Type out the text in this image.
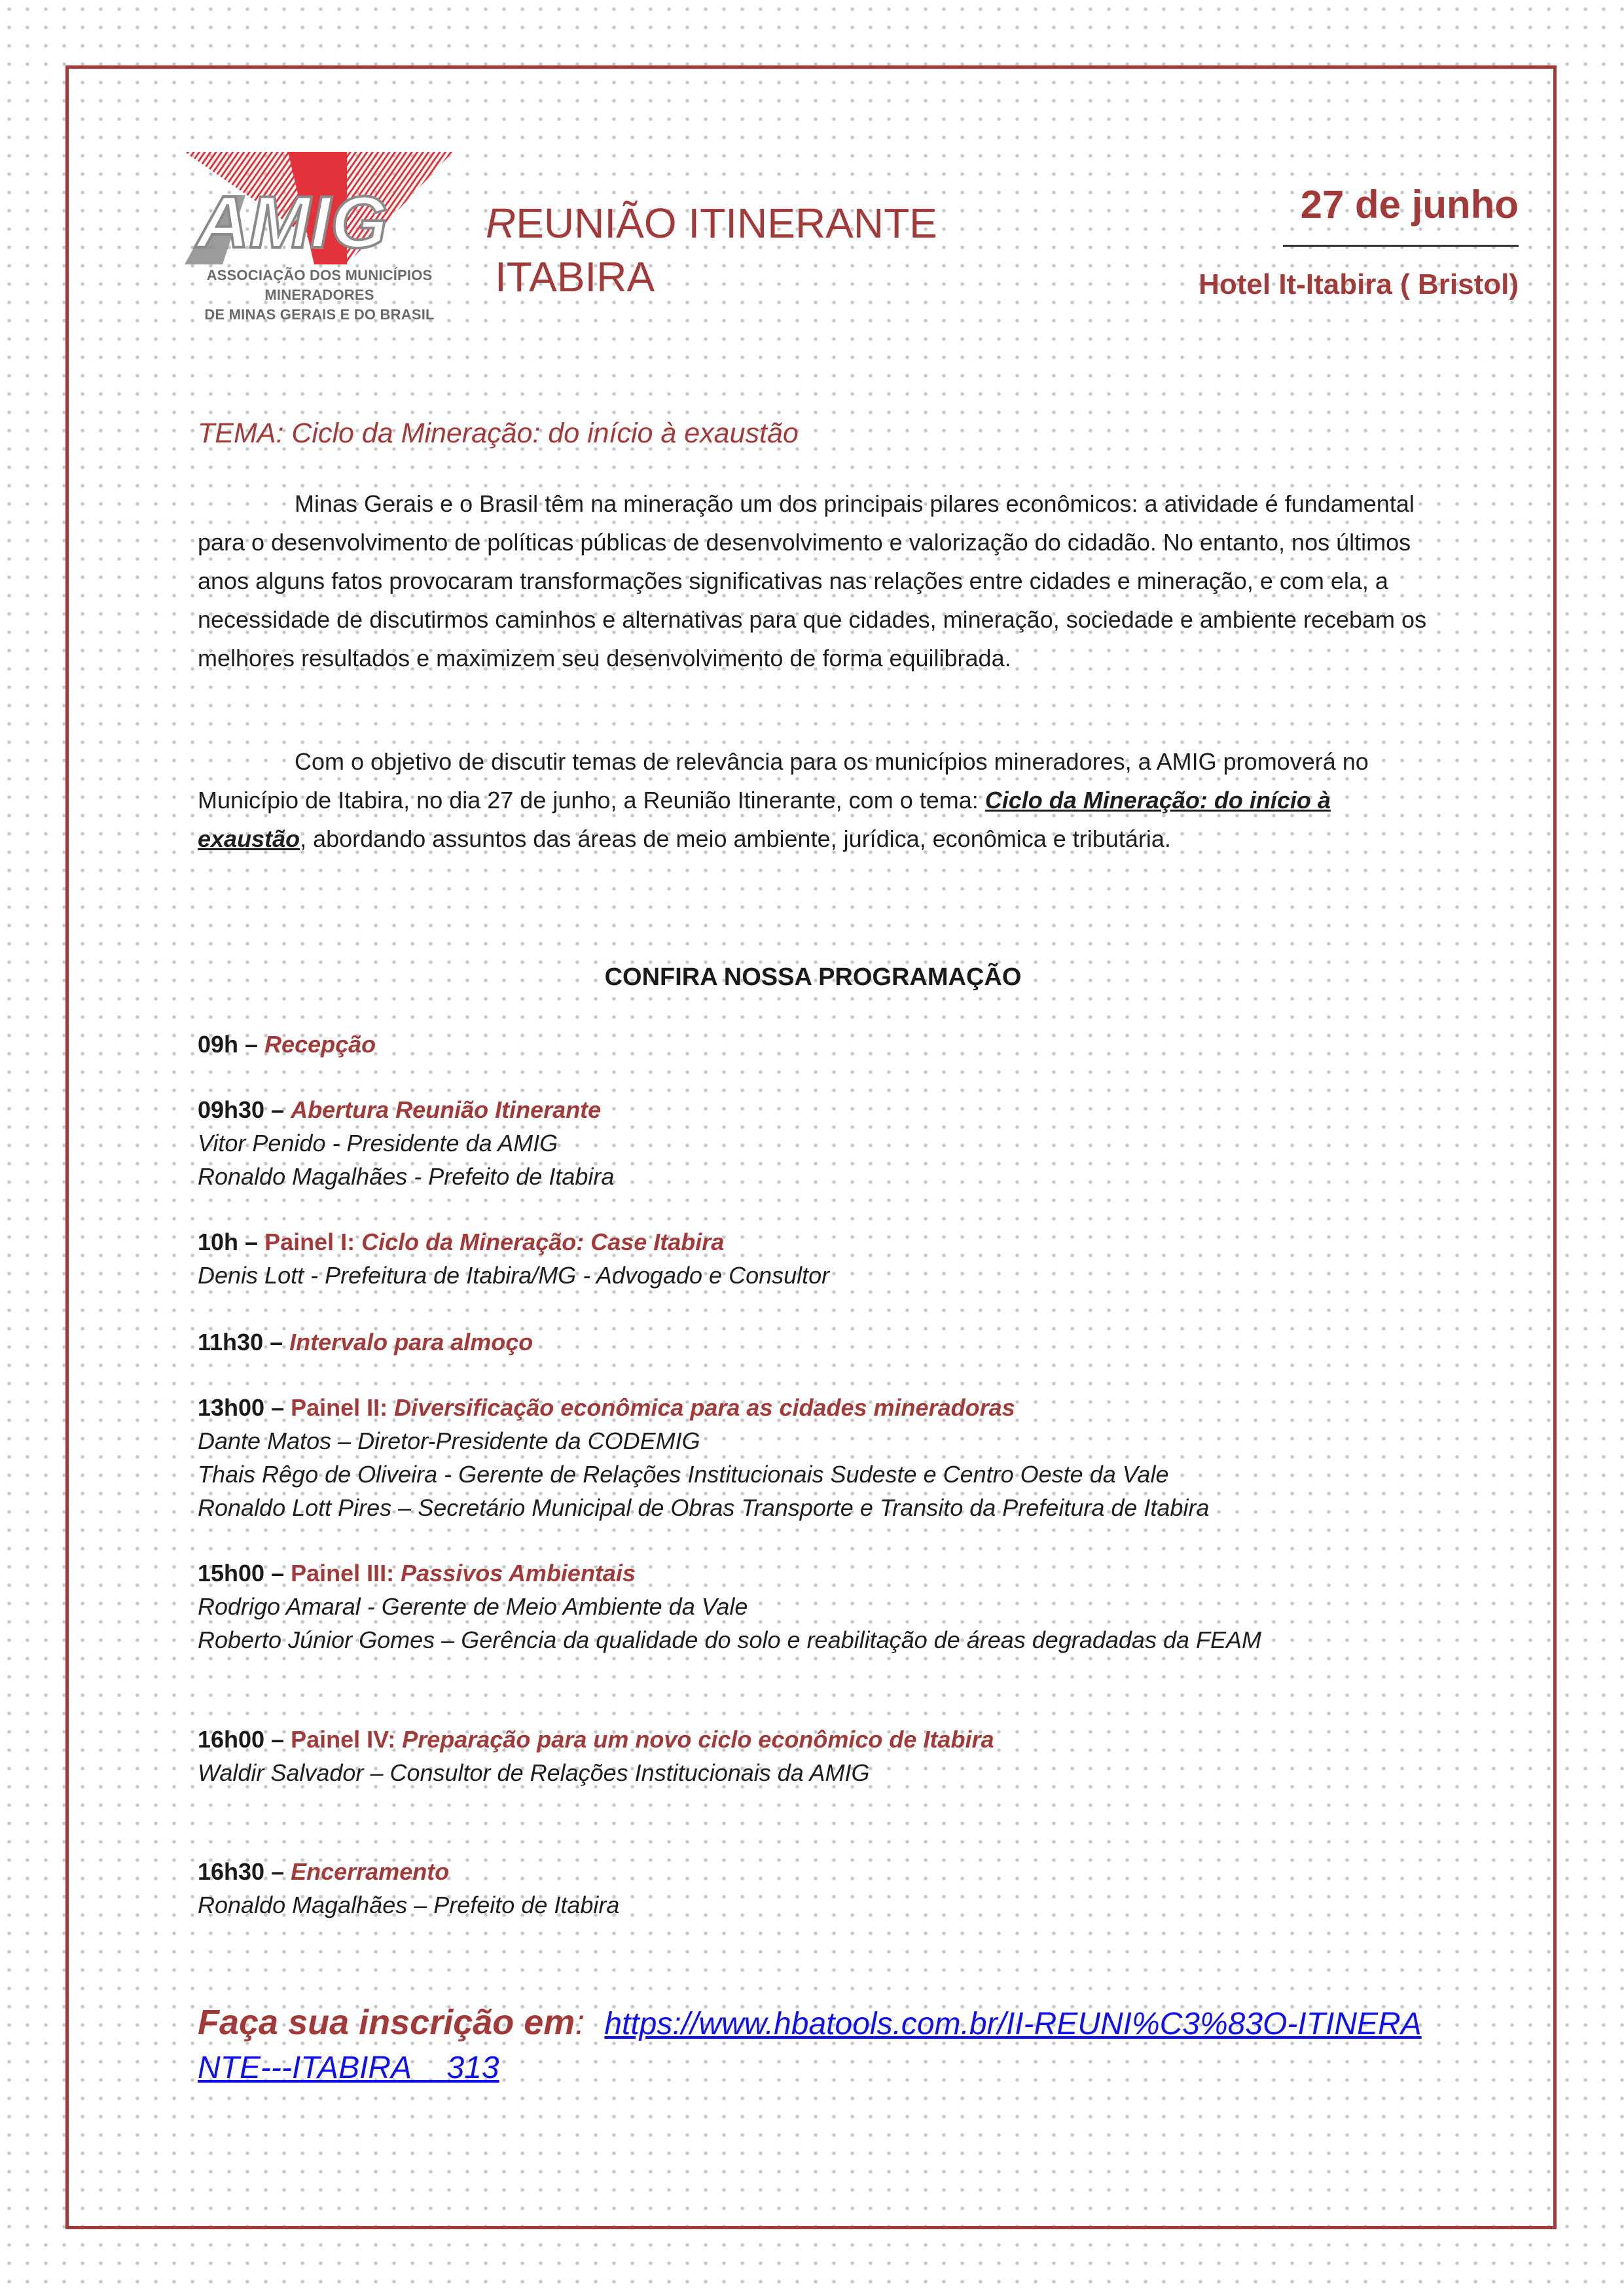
AMIG
ASSOCIAÇÃO DOS MUNICÍPIOS MINERADORES
DE MINAS GERAIS E DO BRASIL
REUNIÃO ITINERANTE
ITABIRA
27 de junho
Hotel It-Itabira ( Bristol)
TEMA: Ciclo da Mineração: do início à exaustão
Minas Gerais e o Brasil têm na mineração um dos principais pilares econômicos: a atividade é fundamental para o desenvolvimento de políticas públicas de desenvolvimento e valorização do cidadão. No entanto, nos últimos anos alguns fatos provocaram transformações significativas nas relações entre cidades e mineração, e com ela, a necessidade de discutirmos caminhos e alternativas para que cidades, mineração, sociedade e ambiente recebam os melhores resultados e maximizem seu desenvolvimento de forma equilibrada.
Com o objetivo de discutir temas de relevância para os municípios mineradores, a AMIG promoverá no Município de Itabira, no dia 27 de junho, a Reunião Itinerante, com o tema: Ciclo da Mineração: do início à exaustão, abordando assuntos das áreas de meio ambiente, jurídica, econômica e tributária.
CONFIRA NOSSA PROGRAMAÇÃO
09h – Recepção
09h30 – Abertura Reunião Itinerante
Vitor Penido - Presidente da AMIG
Ronaldo Magalhães - Prefeito de Itabira
10h – Painel I: Ciclo da Mineração: Case Itabira
Denis Lott - Prefeitura de Itabira/MG - Advogado e Consultor
11h30 – Intervalo para almoço
13h00 – Painel II: Diversificação econômica para as cidades mineradoras
Dante Matos – Diretor-Presidente da CODEMIG
Thais Rêgo de Oliveira - Gerente de Relações Institucionais Sudeste e Centro Oeste da Vale
Ronaldo Lott Pires – Secretário Municipal de Obras Transporte e Transito da Prefeitura de Itabira
15h00 – Painel III: Passivos Ambientais
Rodrigo Amaral - Gerente de Meio Ambiente da Vale
Roberto Júnior Gomes – Gerência da qualidade do solo e reabilitação de áreas degradadas da FEAM
16h00 – Painel IV: Preparação para um novo ciclo econômico de Itabira
Waldir Salvador – Consultor de Relações Institucionais da AMIG
16h30 – Encerramento
Ronaldo Magalhães – Prefeito de Itabira
Faça sua inscrição em: https://www.hbatools.com.br/II-REUNI%C3%83O-ITINERANTE---ITABIRA__313
